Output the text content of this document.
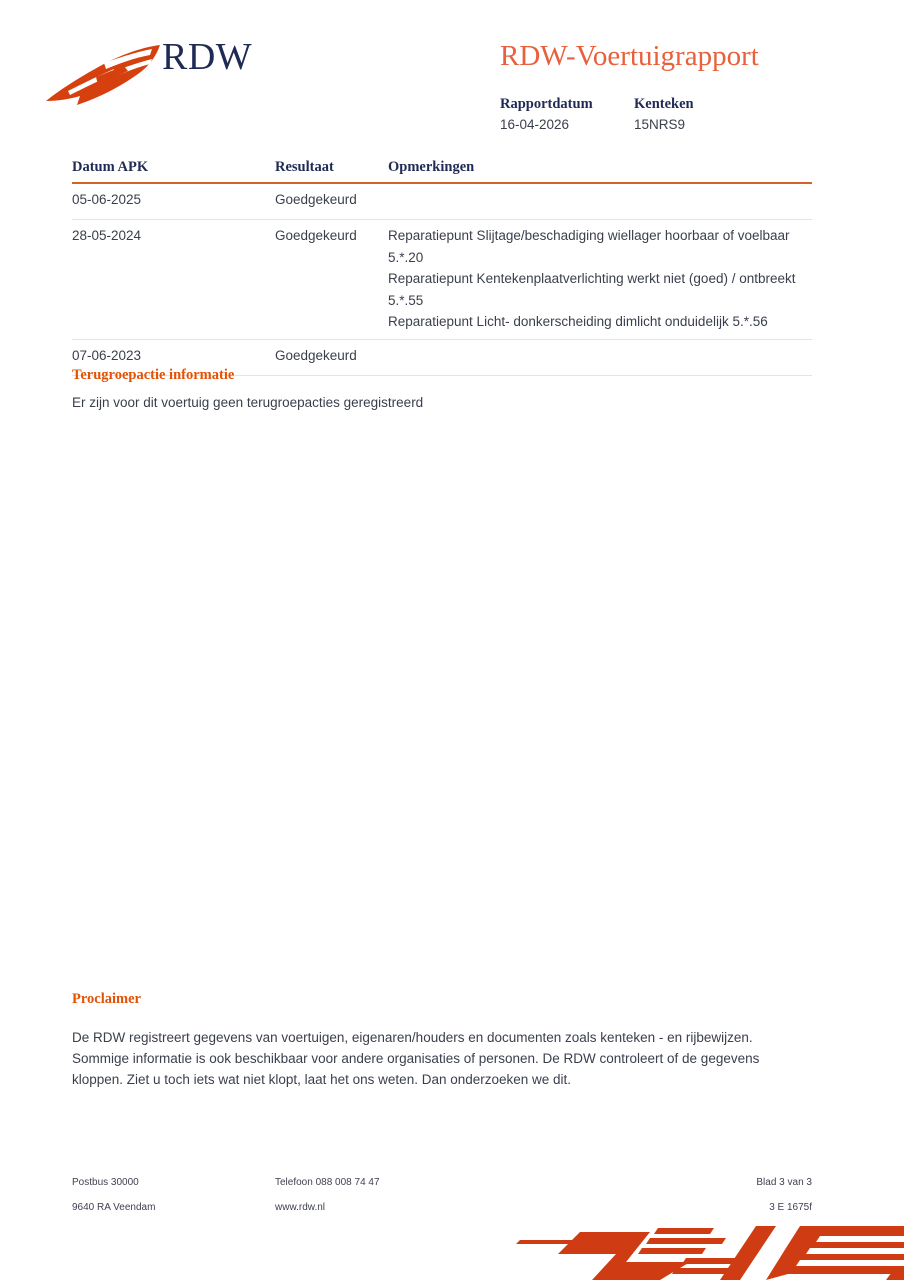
RDW	RDW-Voertuigrapport
Rapportdatum
16-04-2026
Kenteken
15NRS9
Datum APK	Resultaat	Opmerkingen
05-06-2025	Goedgekeurd
28-05-2024	Goedgekeurd Reparatiepunt Slijtage/beschadiging wiellager hoorbaar of voelbaar 5.*.20
Reparatiepunt Kentekenplaatverlichting werkt niet (goed) / ontbreekt 5.*.55
Reparatiepunt Licht- donkerscheiding dimlicht onduidelijk 5.*.56
07-06-2023	Goedgekeurd
Terugroepactie informatie
Er zijn voor dit voertuig geen terugroepacties geregistreerd
Proclaimer
De RDW registreert gegevens van voertuigen, eigenaren/houders en documenten zoals kenteken - en rijbewijzen. Sommige informatie is ook beschikbaar voor andere organisaties of personen. De RDW controleert of de gegevens kloppen. Ziet u toch iets wat niet klopt, laat het ons weten. Dan onderzoeken we dit.
Postbus 30000
9640 RA Veendam
Telefoon 088 008 74 47
www.rdw.nl
Blad 3 van 3
3 E 1675f
